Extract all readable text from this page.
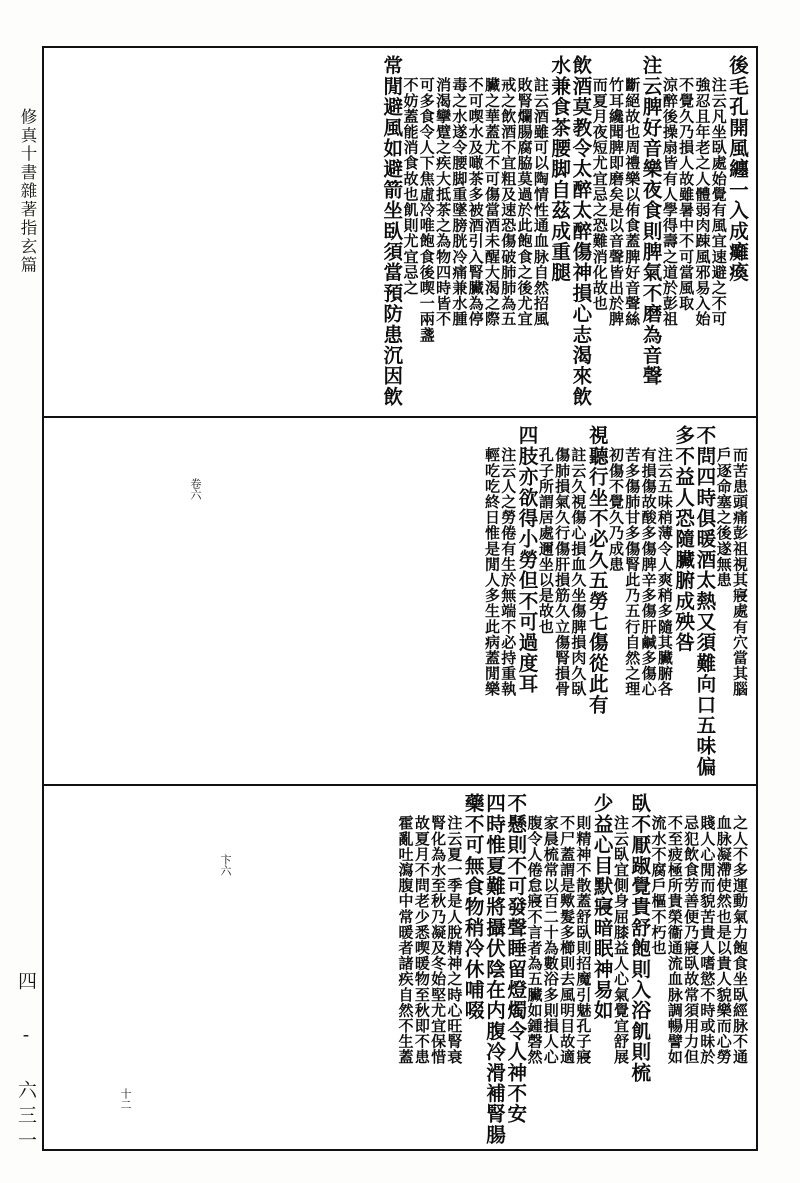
修真十書雜著指玄篇
四 - 六三一
後毛孔開風纏一入成癱瘓
注云凡坐臥處始覺有風宜速避之不可
強忍且年老之人體弱肉踈風邪易入始
不覺久乃損人故雖暑中不可當風取
涼醉後操扇皆有人學得壽之道於彭祖
注云脾好音樂夜食則脾氣不磨為音聲
斷絕故也周禮樂以侑食蓋脾好音聲絲
竹耳纔聞脾即磨矣是以音聲皆出於脾
而夏月夜短尤宜忌之恐難消化故也
飲酒莫教令太醉太醉傷神損心志渴來飲
水兼食茶腰脚自茲成重腿
註云酒雖可以陶情性通血脉自然招風
敗腎爛腸腐脇莫過於此飽食之後尤宜
戒之飲酒不宜粗及速恐傷破肺肺為五
臟之華蓋尤不可傷當酒未醒大渴之際
不可喫水及噉茶多被酒引入腎臟為停
毒之水遂令腰脚重墜膀胱冷痛兼水腫
消渴攣躄之疾大抵茶之為物四時皆不
可多食令人下焦虛冷唯飽食後喫一兩盞
不妨蓋能消食故也飢則尤宜忌之
常閒避風如避箭坐臥須當預防患沉因飲
而苦患頭痛彭祖視其寢處有穴當其腦
戶逐命塞之後遂無患
不問四時俱暖酒太熱又須難向口五味偏
多不益人恐隨臟腑成殃咎
注云五味稍薄令人爽稍多隨其臟腑各
有損傷故酸多傷脾辛多傷肝鹹多傷心
苦多傷肺甘多傷腎此乃五行自然之理
初傷不覺久乃成患
視聽行坐不必久五勞七傷從此有
註云久視傷心損血久坐傷脾損肉久臥
傷肺損氣久行傷肝損筋久立傷腎損骨
孔子所謂居處邇坐以是故也
四肢亦欲得小勞但不可過度耳
注云人之勞倦有生於無端不必持重執
輕吃吃終日惟是閒人多生此病蓋閒樂
之人不多運動氣力飽食坐臥經脉不通
血脉凝滯使然也是以貴人貌樂而心勞
賤人心閒而貌苦貴人嗜慾不時或昧於
忌犯飲食劳善便乃寢臥故常須用力但
不至疲極所貴榮衞通流血脉調暢譬如
流水不腐戶樞不朽也
臥不厭踧覺貴舒飽則入浴飢則梳
注云臥宜側身屈膝益人心氣覺宜舒展
少益心目默寢暗眠神易如
則精神不散蓋舒臥則招魔引魅孔子寢
不尸蓋謂是歟髮多櫛則去風明目故適
家晨梳常以百二十為數浴多則損人心
腹令人倦怠寢不言者為五臟如鍾磬然
不懸則不可發聲睡留燈燭令人神不安
四時惟夏難將攝伏陰在内腹冷滑補腎腸
藥不可無食物稍冷休哺啜
注云夏一季是人脫精神之時心旺腎衰
腎化為水至秋乃凝及冬始堅尤宜保惜
故夏月不問老少悉喫暖物至秋即不患
霍亂吐瀉腹中常暖者諸疾自然不生蓋
卷六
十二
卞六
